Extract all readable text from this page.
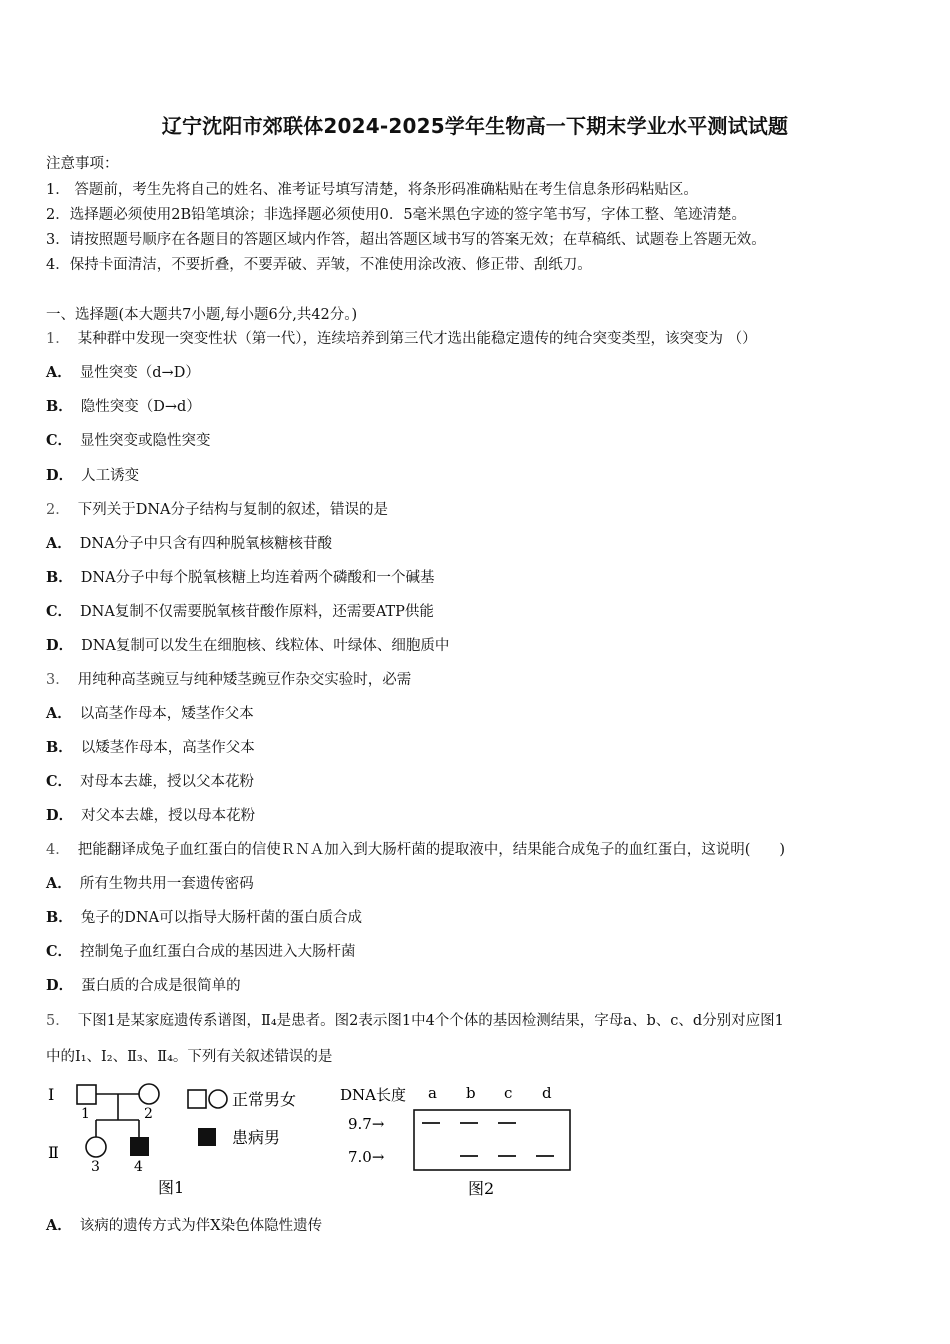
辽宁沈阳市郊联体2024-2025学年生物高一下期末学业水平测试试题
注意事项：
1． 答题前，考生先将自己的姓名、准考证号填写清楚，将条形码准确粘贴在考生信息条形码粘贴区。
2．选择题必须使用2B铅笔填涂；非选择题必须使用0．5毫米黑色字迹的签字笔书写，字体工整、笔迹清楚。
3．请按照题号顺序在各题目的答题区域内作答，超出答题区域书写的答案无效；在草稿纸、试题卷上答题无效。
4．保持卡面清洁，不要折叠，不要弄破、弄皱，不准使用涂改液、修正带、刮纸刀。
一、选择题(本大题共7小题,每小题6分,共42分。)
1． 某种群中发现一突变性状（第一代），连续培养到第三代才选出能稳定遗传的纯合突变类型，该突变为 （）
A． 显性突变（d→D）
B． 隐性突变（D→d）
C． 显性突变或隐性突变
D． 人工诱变
2． 下列关于DNA分子结构与复制的叙述，错误的是
A． DNA分子中只含有四种脱氧核糖核苷酸
B． DNA分子中每个脱氧核糖上均连着两个磷酸和一个碱基
C． DNA复制不仅需要脱氧核苷酸作原料，还需要ATP供能
D． DNA复制可以发生在细胞核、线粒体、叶绿体、细胞质中
3． 用纯种高茎豌豆与纯种矮茎豌豆作杂交实验时，必需
A． 以高茎作母本，矮茎作父本
B． 以矮茎作母本，高茎作父本
C． 对母本去雄，授以父本花粉
D． 对父本去雄，授以母本花粉
4． 把能翻译成兔子血红蛋白的信使ＲＮＡ加入到大肠杆菌的提取液中，结果能合成兔子的血红蛋白，这说明(　　)
A． 所有生物共用一套遗传密码
B． 兔子的DNA可以指导大肠杆菌的蛋白质合成
C． 控制兔子血红蛋白合成的基因进入大肠杆菌
D． 蛋白质的合成是很简单的
5． 下图1是某家庭遗传系谱图，Ⅱ₄是患者。图2表示图1中4个个体的基因检测结果，字母a、b、c、d分别对应图1
中的Ⅰ₁、Ⅰ₂、Ⅱ₃、Ⅱ₄。下列有关叙述错误的是
Ⅰ
Ⅱ
1	2
3 4
正常男女
患病男
图1
DNA长度 a b c d
9.7→
7.0→
图2
A． 该病的遗传方式为伴X染色体隐性遗传
